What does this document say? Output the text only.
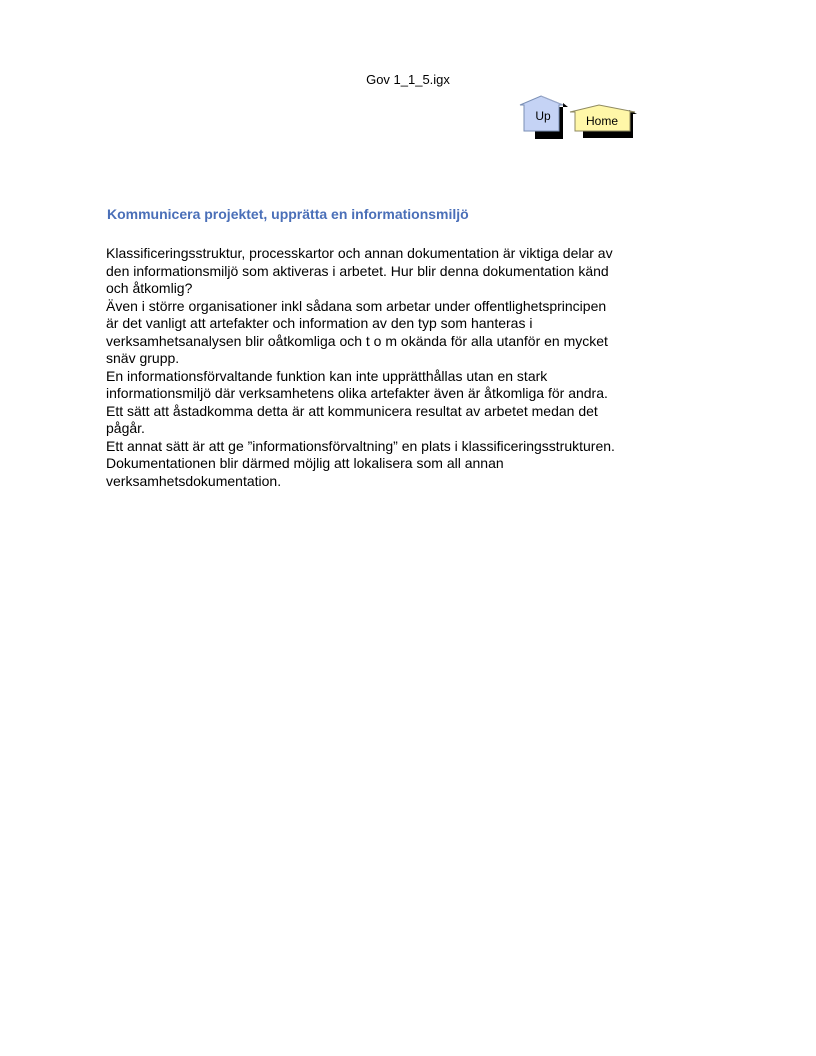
Gov 1_1_5.igx
Up	Home
Kommunicera projektet, upprätta en informationsmiljö
Klassificeringsstruktur, processkartor och annan dokumentation är viktiga delar av
den informationsmiljö som aktiveras i arbetet. Hur blir denna dokumentation känd
och åtkomlig?
Även i större organisationer inkl sådana som arbetar under offentlighetsprincipen
är det vanligt att artefakter och information av den typ som hanteras i
verksamhetsanalysen blir oåtkomliga och t o m okända för alla utanför en mycket
snäv grupp.
En informationsförvaltande funktion kan inte upprätthållas utan en stark
informationsmiljö där verksamhetens olika artefakter även är åtkomliga för andra.
Ett sätt att åstadkomma detta är att kommunicera resultat av arbetet medan det
pågår.
Ett annat sätt är att ge ”informationsförvaltning” en plats i klassificeringsstrukturen.
Dokumentationen blir därmed möjlig att lokalisera som all annan
verksamhetsdokumentation.
